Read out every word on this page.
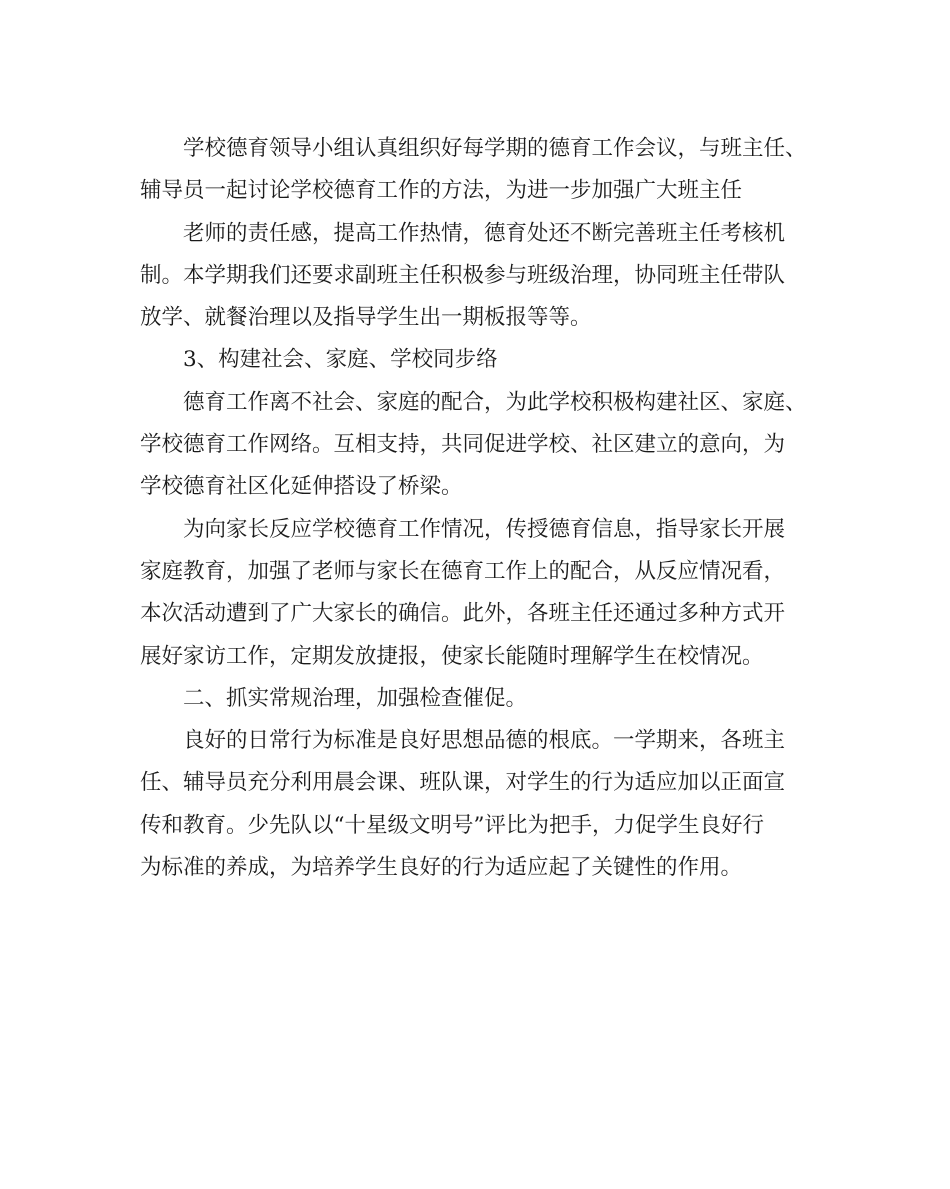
学校德育领导小组认真组织好每学期的德育工作会议，与班主任、
辅导员一起讨论学校德育工作的方法，为进一步加强广大班主任
老师的责任感，提高工作热情，德育处还不断完善班主任考核机
制。本学期我们还要求副班主任积极参与班级治理，协同班主任带队
放学、就餐治理以及指导学生出一期板报等等。
3、构建社会、家庭、学校同步络
德育工作离不社会、家庭的配合，为此学校积极构建社区、家庭、
学校德育工作网络。互相支持，共同促进学校、社区建立的意向，为
学校德育社区化延伸搭设了桥梁。
为向家长反应学校德育工作情况，传授德育信息，指导家长开展
家庭教育，加强了老师与家长在德育工作上的配合，从反应情况看，
本次活动遭到了广大家长的确信。此外，各班主任还通过多种方式开
展好家访工作，定期发放捷报，使家长能随时理解学生在校情况。
二、抓实常规治理，加强检查催促。
良好的日常行为标准是良好思想品德的根底。一学期来，各班主
任、辅导员充分利用晨会课、班队课，对学生的行为适应加以正面宣
传和教育。少先队以“十星级文明号”评比为把手，力促学生良好行
为标准的养成，为培养学生良好的行为适应起了关键性的作用。
